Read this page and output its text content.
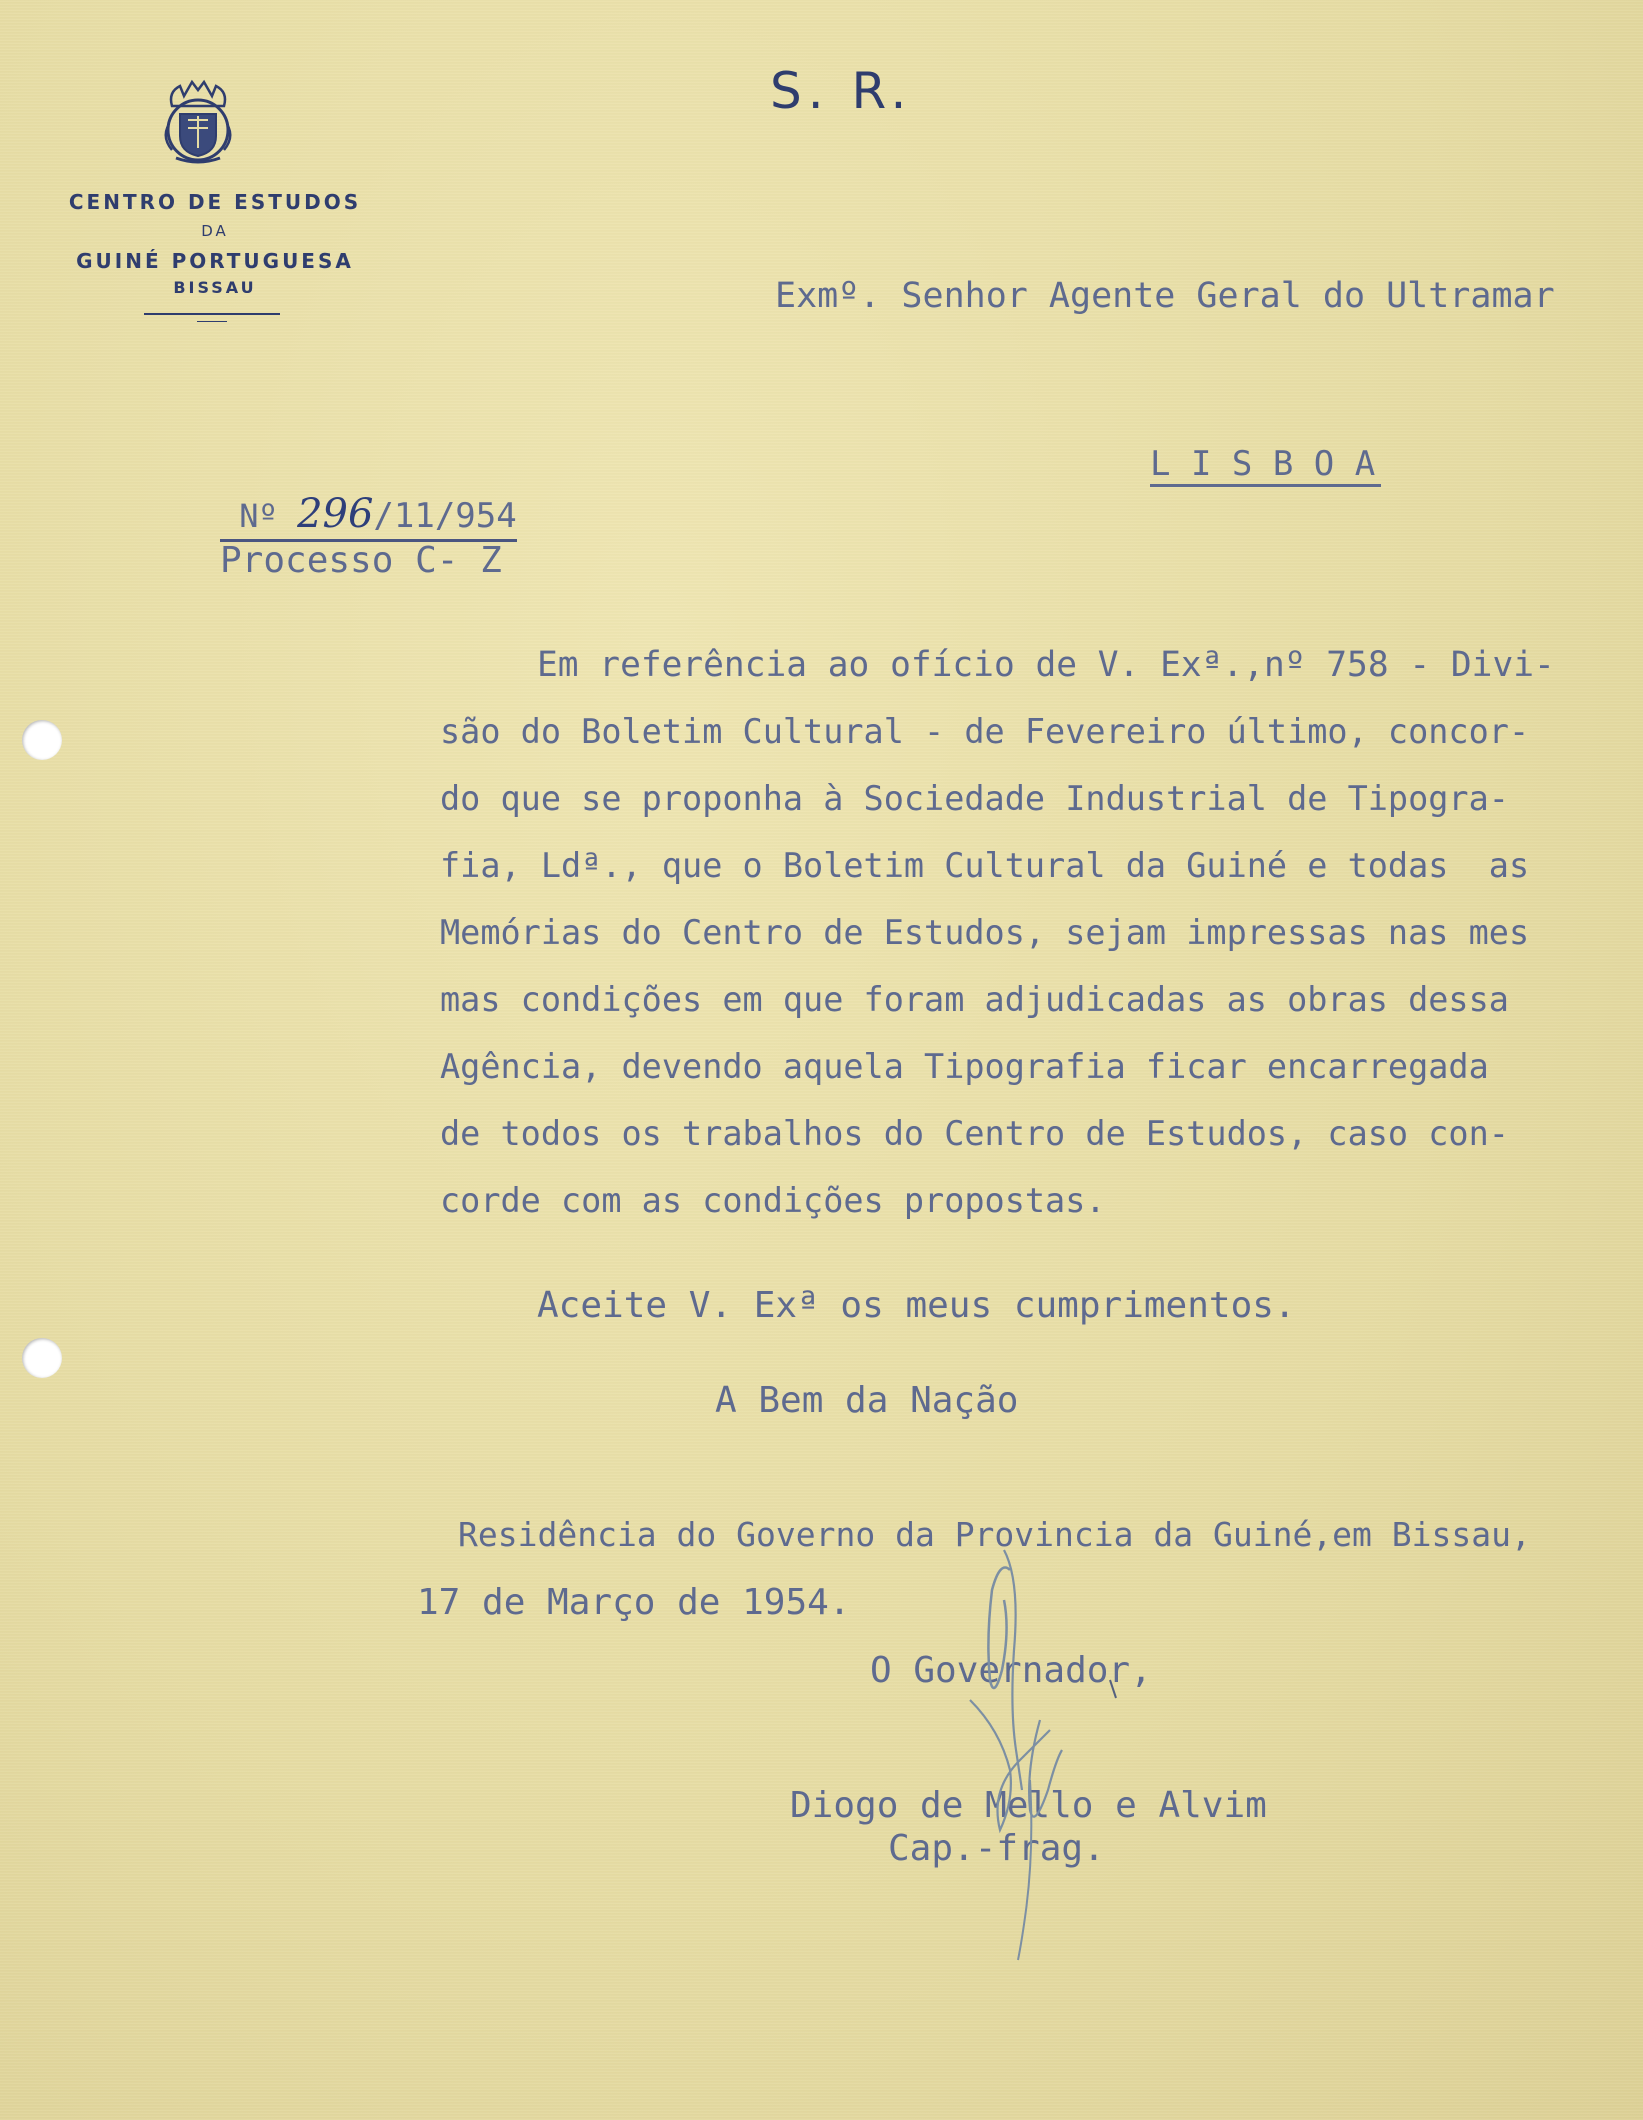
CENTRO DE ESTUDOS
DA
GUINÉ PORTUGUESA
BISSAU
S. R.
Exmº. Senhor Agente Geral do Ultramar
L I S B O A

Nº 296/11/954

Processo C- Z
Em referência ao ofício de V. Exª.,nº 758 - Divi-
são do Boletim Cultural - de Fevereiro último, concor-
do que se proponha à Sociedade Industrial de Tipogra-
fia, Ldª., que o Boletim Cultural da Guiné e todas  as
Memórias do Centro de Estudos, sejam impressas nas mes
mas condições em que foram adjudicadas as obras dessa
Agência, devendo aquela Tipografia ficar encarregada
de todos os trabalhos do Centro de Estudos, caso con-
corde com as condições propostas.
Aceite V. Exª os meus cumprimentos.
A Bem da Nação
Residência do Governo da Provincia da Guiné,em Bissau,
17 de Março de 1954.
O Governador,
Diogo de Mello e Alvim
Cap.-frag.
